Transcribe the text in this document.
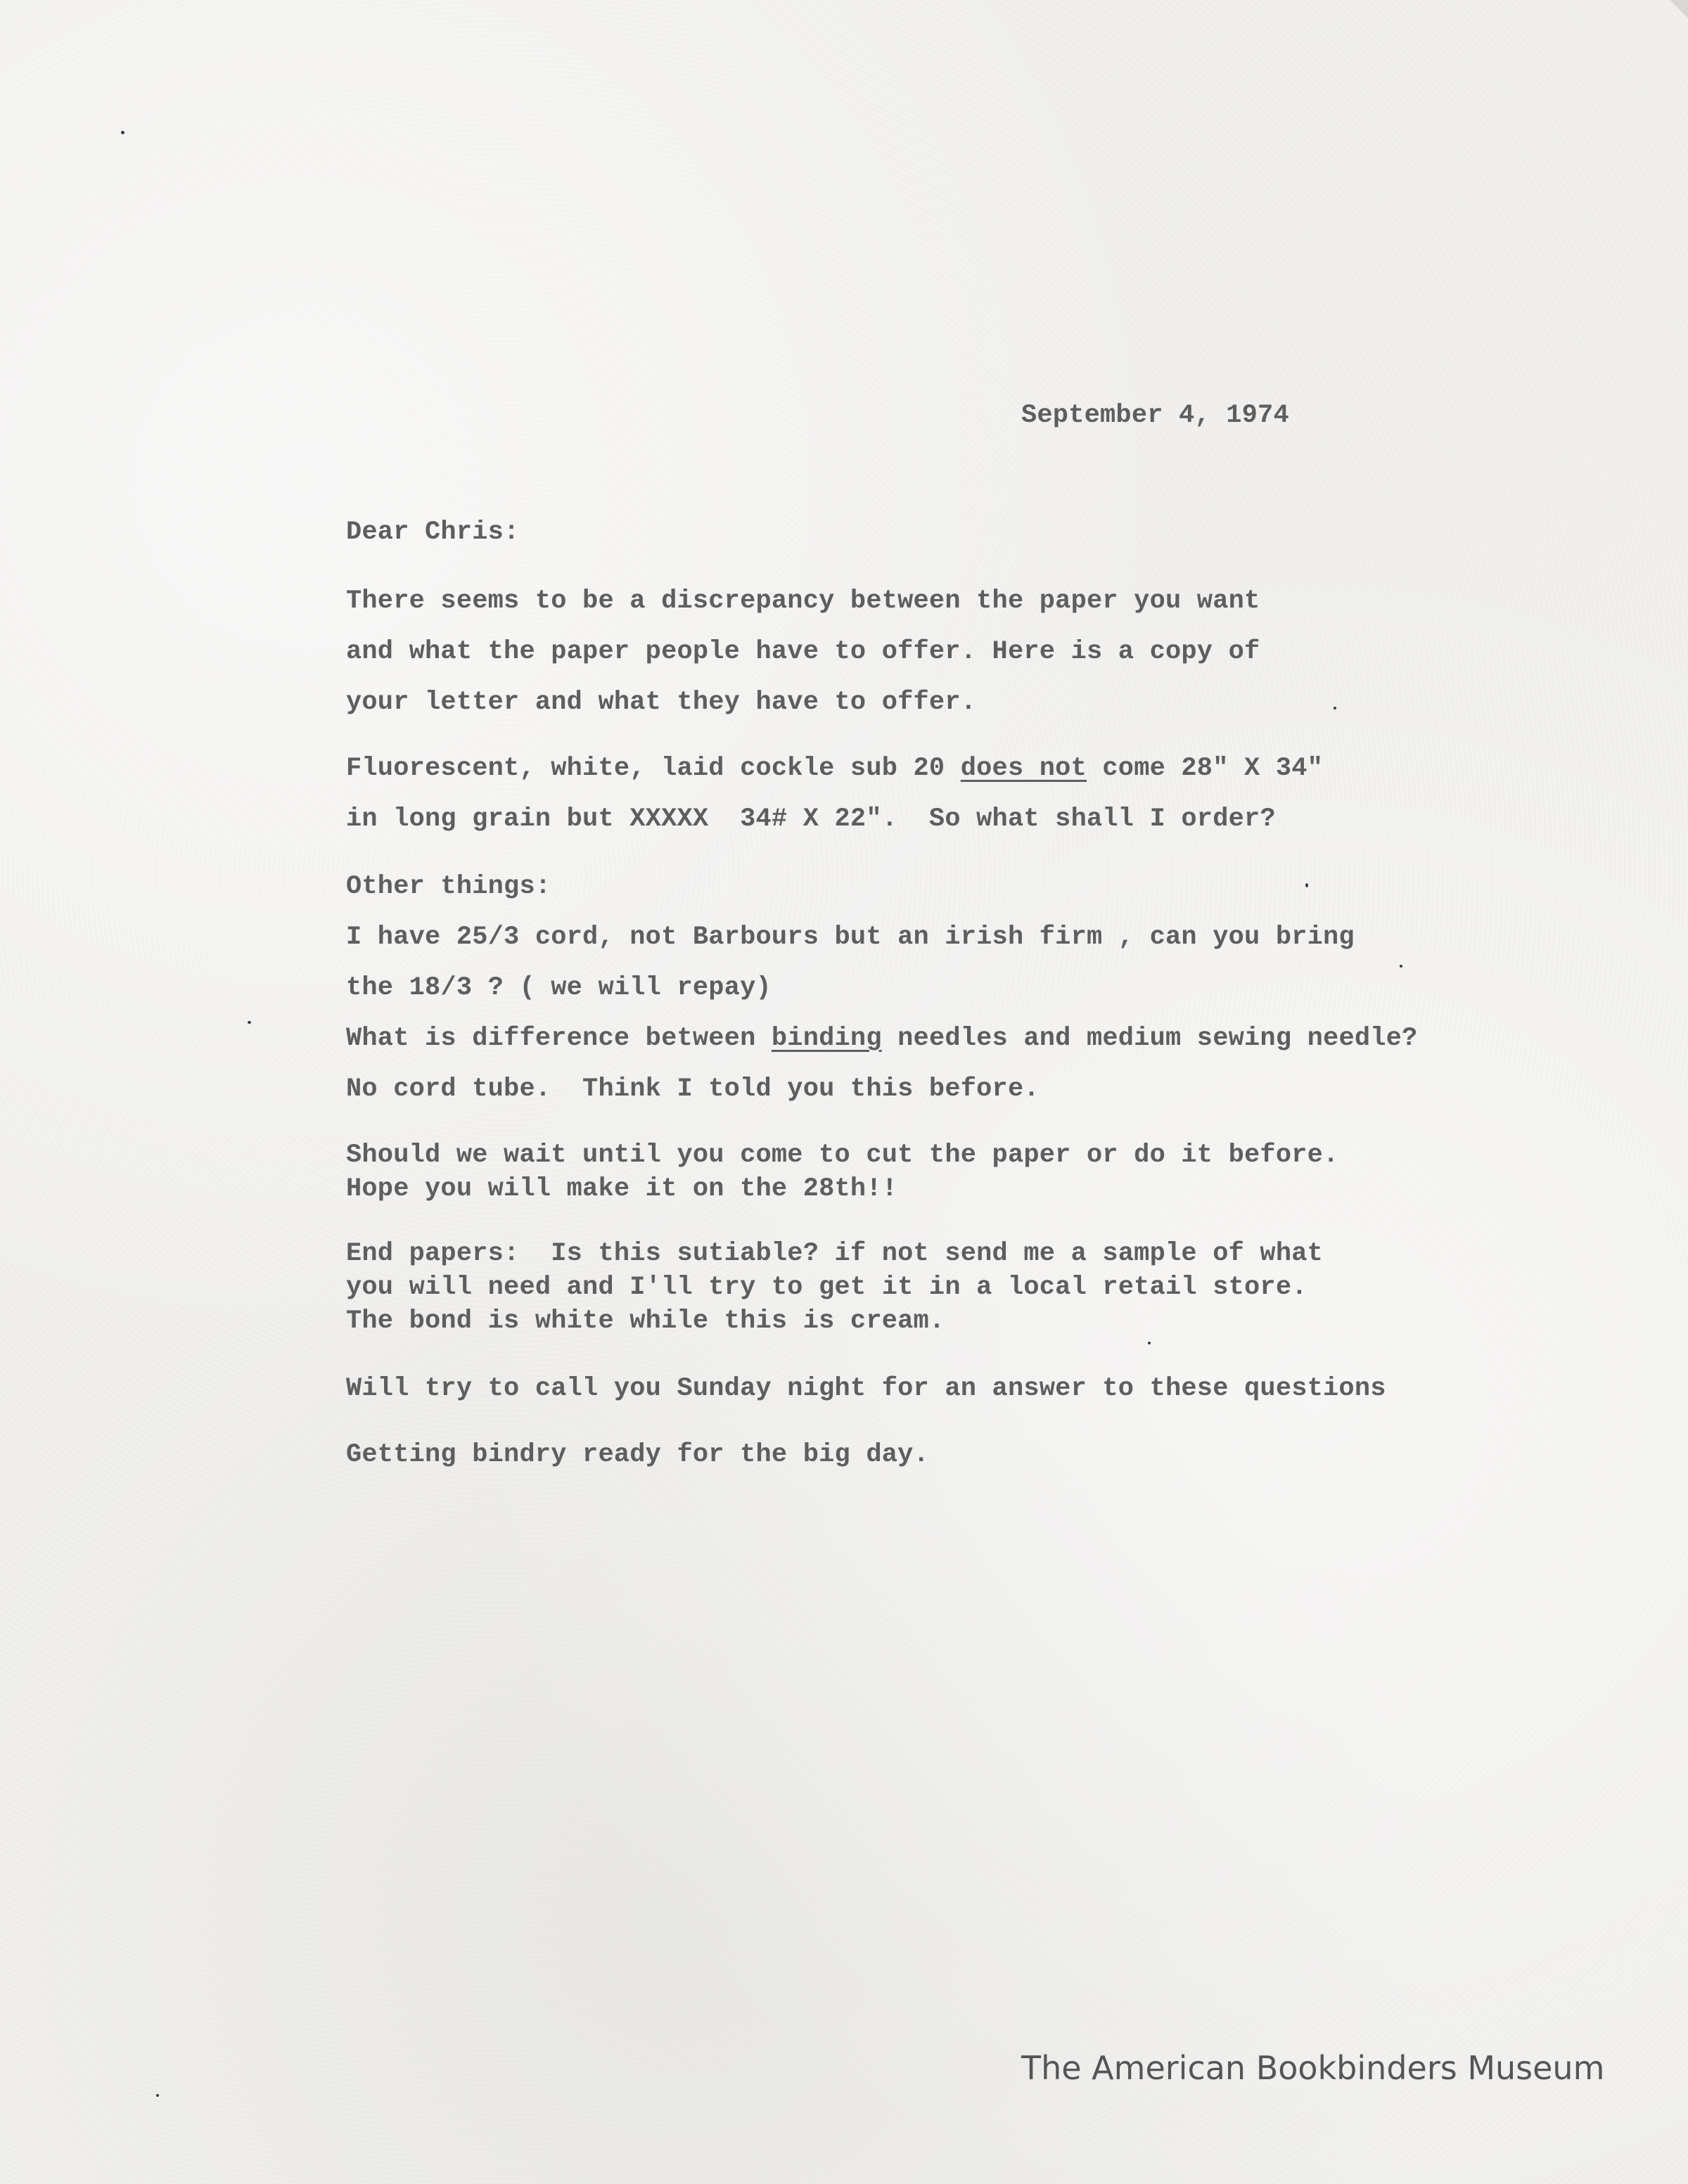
September 4, 1974

Dear Chris:

There seems to be a discrepancy between the paper you want

and what the paper people have to offer. Here is a copy of

your letter and what they have to offer.

Fluorescent, white, laid cockle sub 20 does not come 28" X 34"

in long grain but XXXXX  34# X 22".  So what shall I order?

Other things:

I have 25/3 cord, not Barbours but an irish firm , can you bring

the 18/3 ? ( we will repay)

What is difference between binding needles and medium sewing needle?

No cord tube.  Think I told you this before.

Should we wait until you come to cut the paper or do it before.

Hope you will make it on the 28th!!

End papers:  Is this sutiable? if not send me a sample of what

you will need and I'll try to get it in a local retail store.

The bond is white while this is cream.

Will try to call you Sunday night for an answer to these questions

Getting bindry ready for the big day.

The American Bookbinders Museum
